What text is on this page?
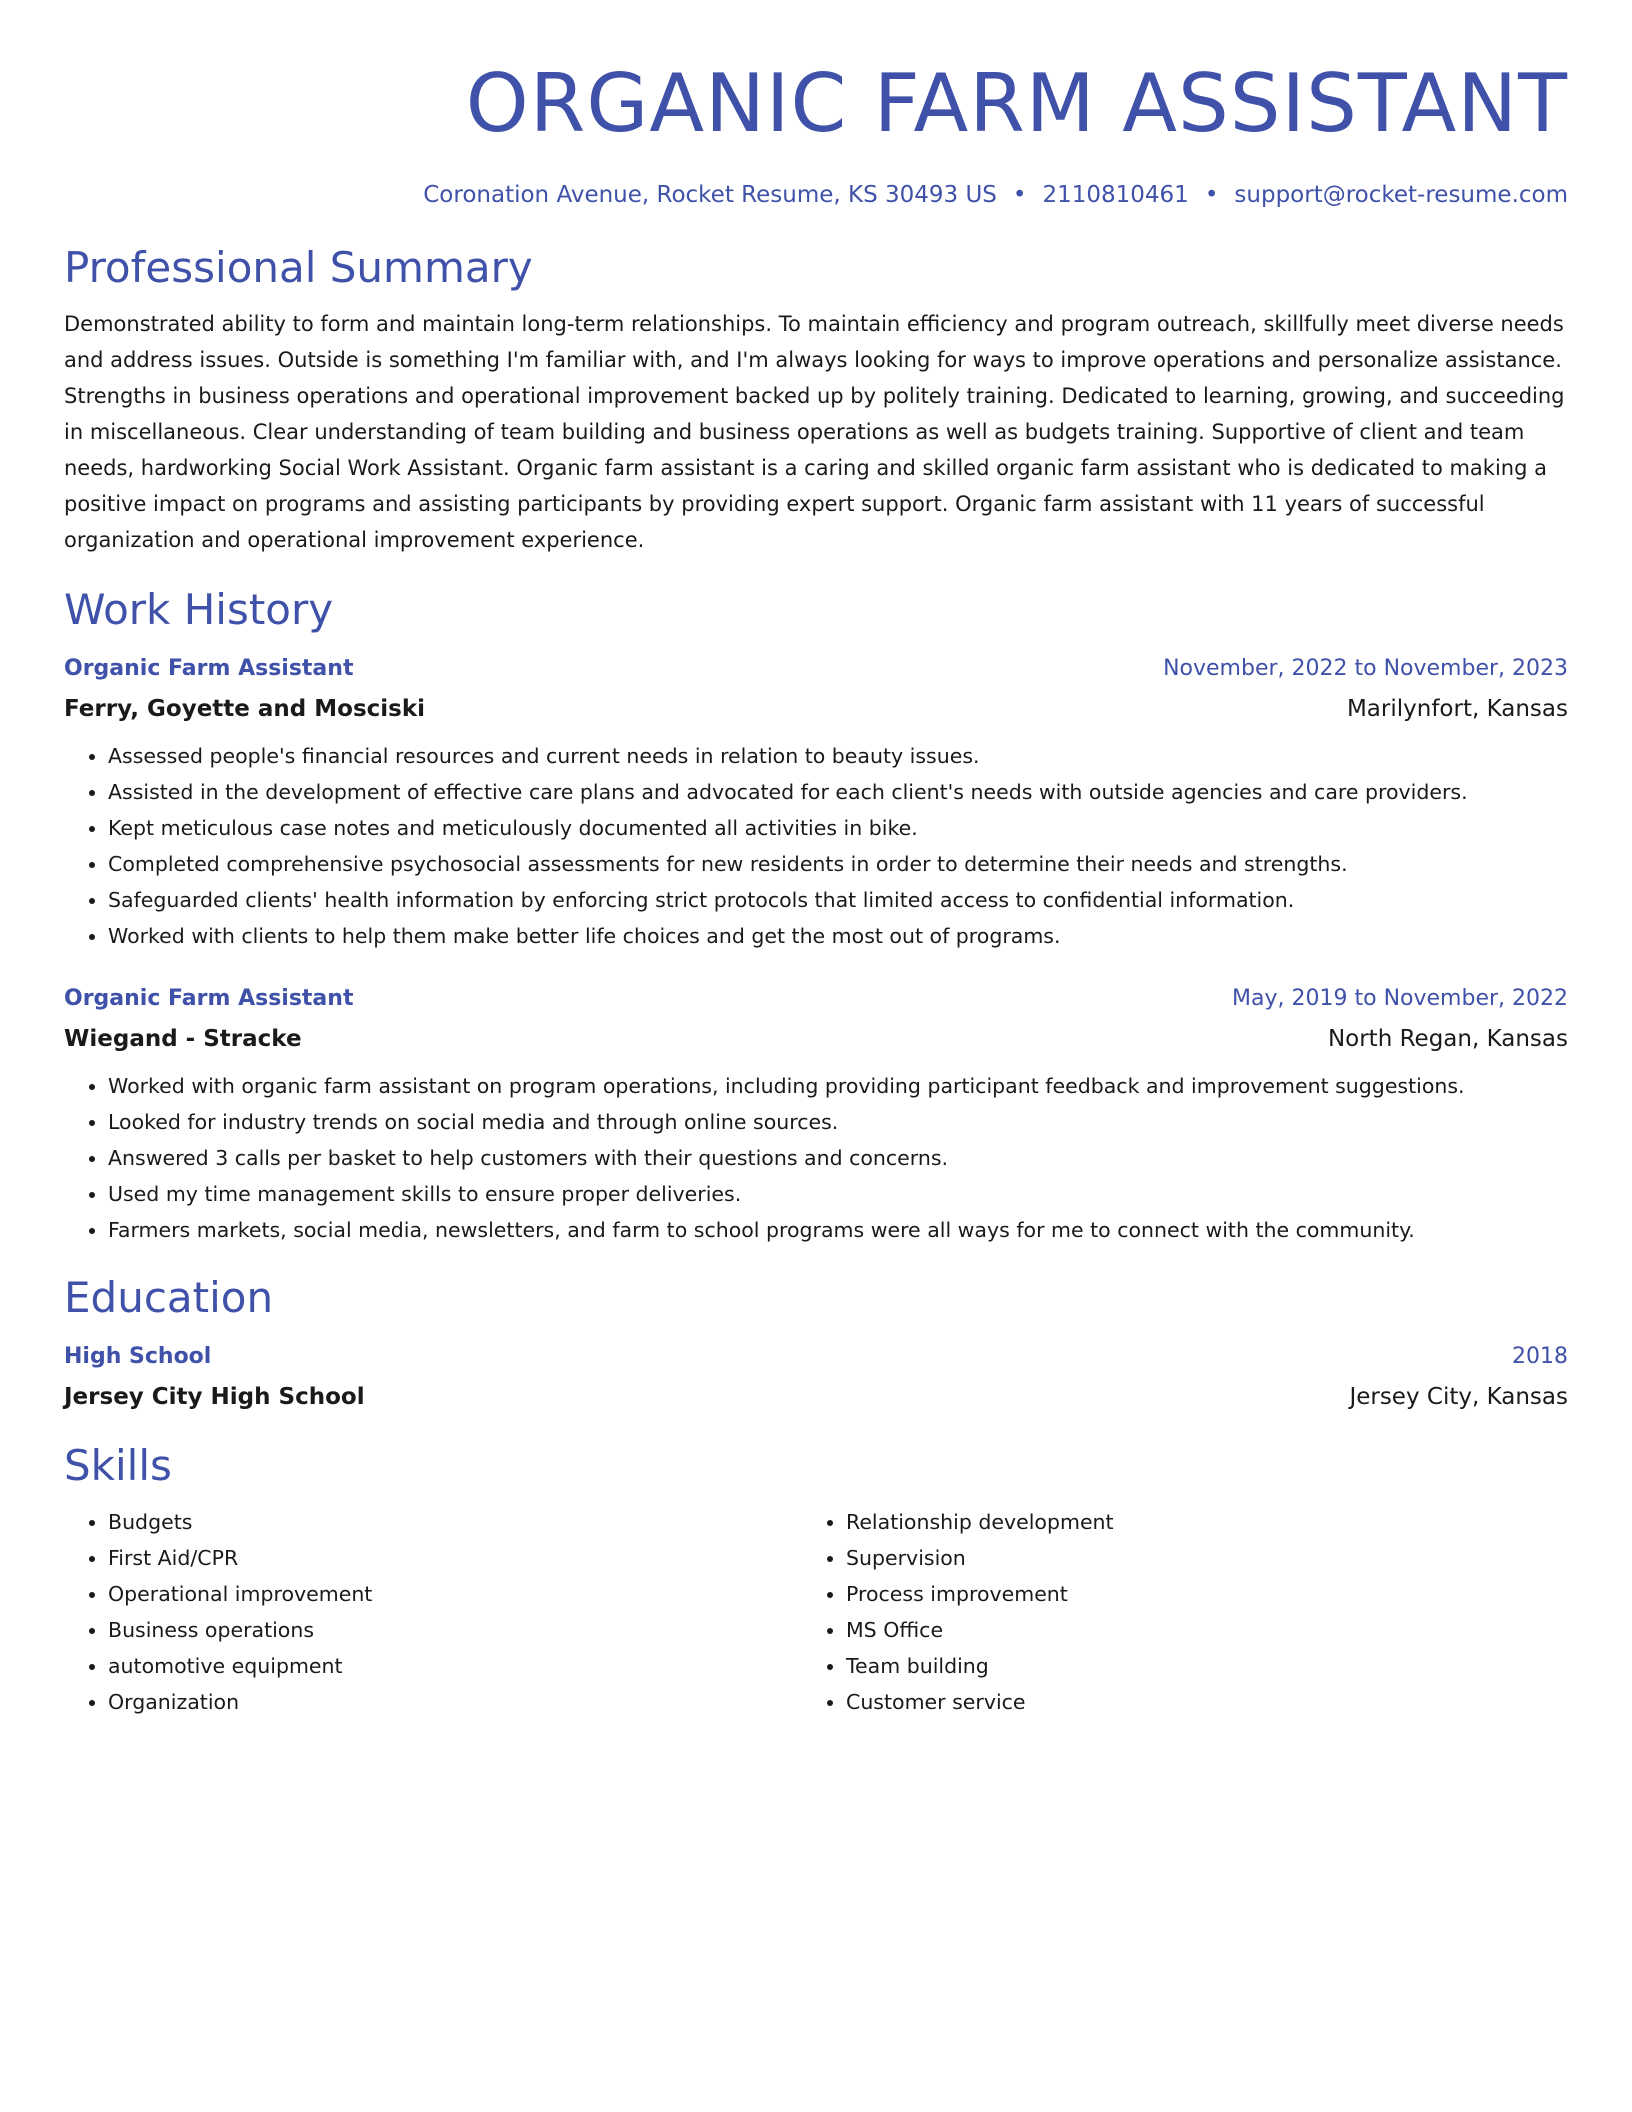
ORGANIC FARM ASSISTANT
Coronation Avenue, Rocket Resume, KS 30493 US • 2110810461 • support@rocket-resume.com
Professional Summary
Demonstrated ability to form and maintain long-term relationships. To maintain efficiency and program outreach, skillfully meet diverse needs and address issues. Outside is something I'm familiar with, and I'm always looking for ways to improve operations and personalize assistance. Strengths in business operations and operational improvement backed up by politely training. Dedicated to learning, growing, and succeeding in miscellaneous. Clear understanding of team building and business operations as well as budgets training. Supportive of client and team needs, hardworking Social Work Assistant. Organic farm assistant is a caring and skilled organic farm assistant who is dedicated to making a positive impact on programs and assisting participants by providing expert support. Organic farm assistant with 11 years of successful organization and operational improvement experience.
Work History
Organic Farm Assistant	November, 2022 to November, 2023
Ferry, Goyette and Mosciski	Marilynfort, Kansas
• Assessed people's financial resources and current needs in relation to beauty issues.
• Assisted in the development of effective care plans and advocated for each client's needs with outside agencies and care providers.
• Kept meticulous case notes and meticulously documented all activities in bike.
• Completed comprehensive psychosocial assessments for new residents in order to determine their needs and strengths.
• Safeguarded clients' health information by enforcing strict protocols that limited access to confidential information.
• Worked with clients to help them make better life choices and get the most out of programs.
Organic Farm Assistant	May, 2019 to November, 2022
Wiegand - Stracke	North Regan, Kansas
• Worked with organic farm assistant on program operations, including providing participant feedback and improvement suggestions.
• Looked for industry trends on social media and through online sources.
• Answered 3 calls per basket to help customers with their questions and concerns.
• Used my time management skills to ensure proper deliveries.
• Farmers markets, social media, newsletters, and farm to school programs were all ways for me to connect with the community.
Education
High School	2018
Jersey City High School	Jersey City, Kansas
Skills
• Budgets
• First Aid/CPR
• Operational improvement
• Business operations
• automotive equipment
• Organization
• Relationship development
• Supervision
• Process improvement
• MS Office
• Team building
• Customer service
